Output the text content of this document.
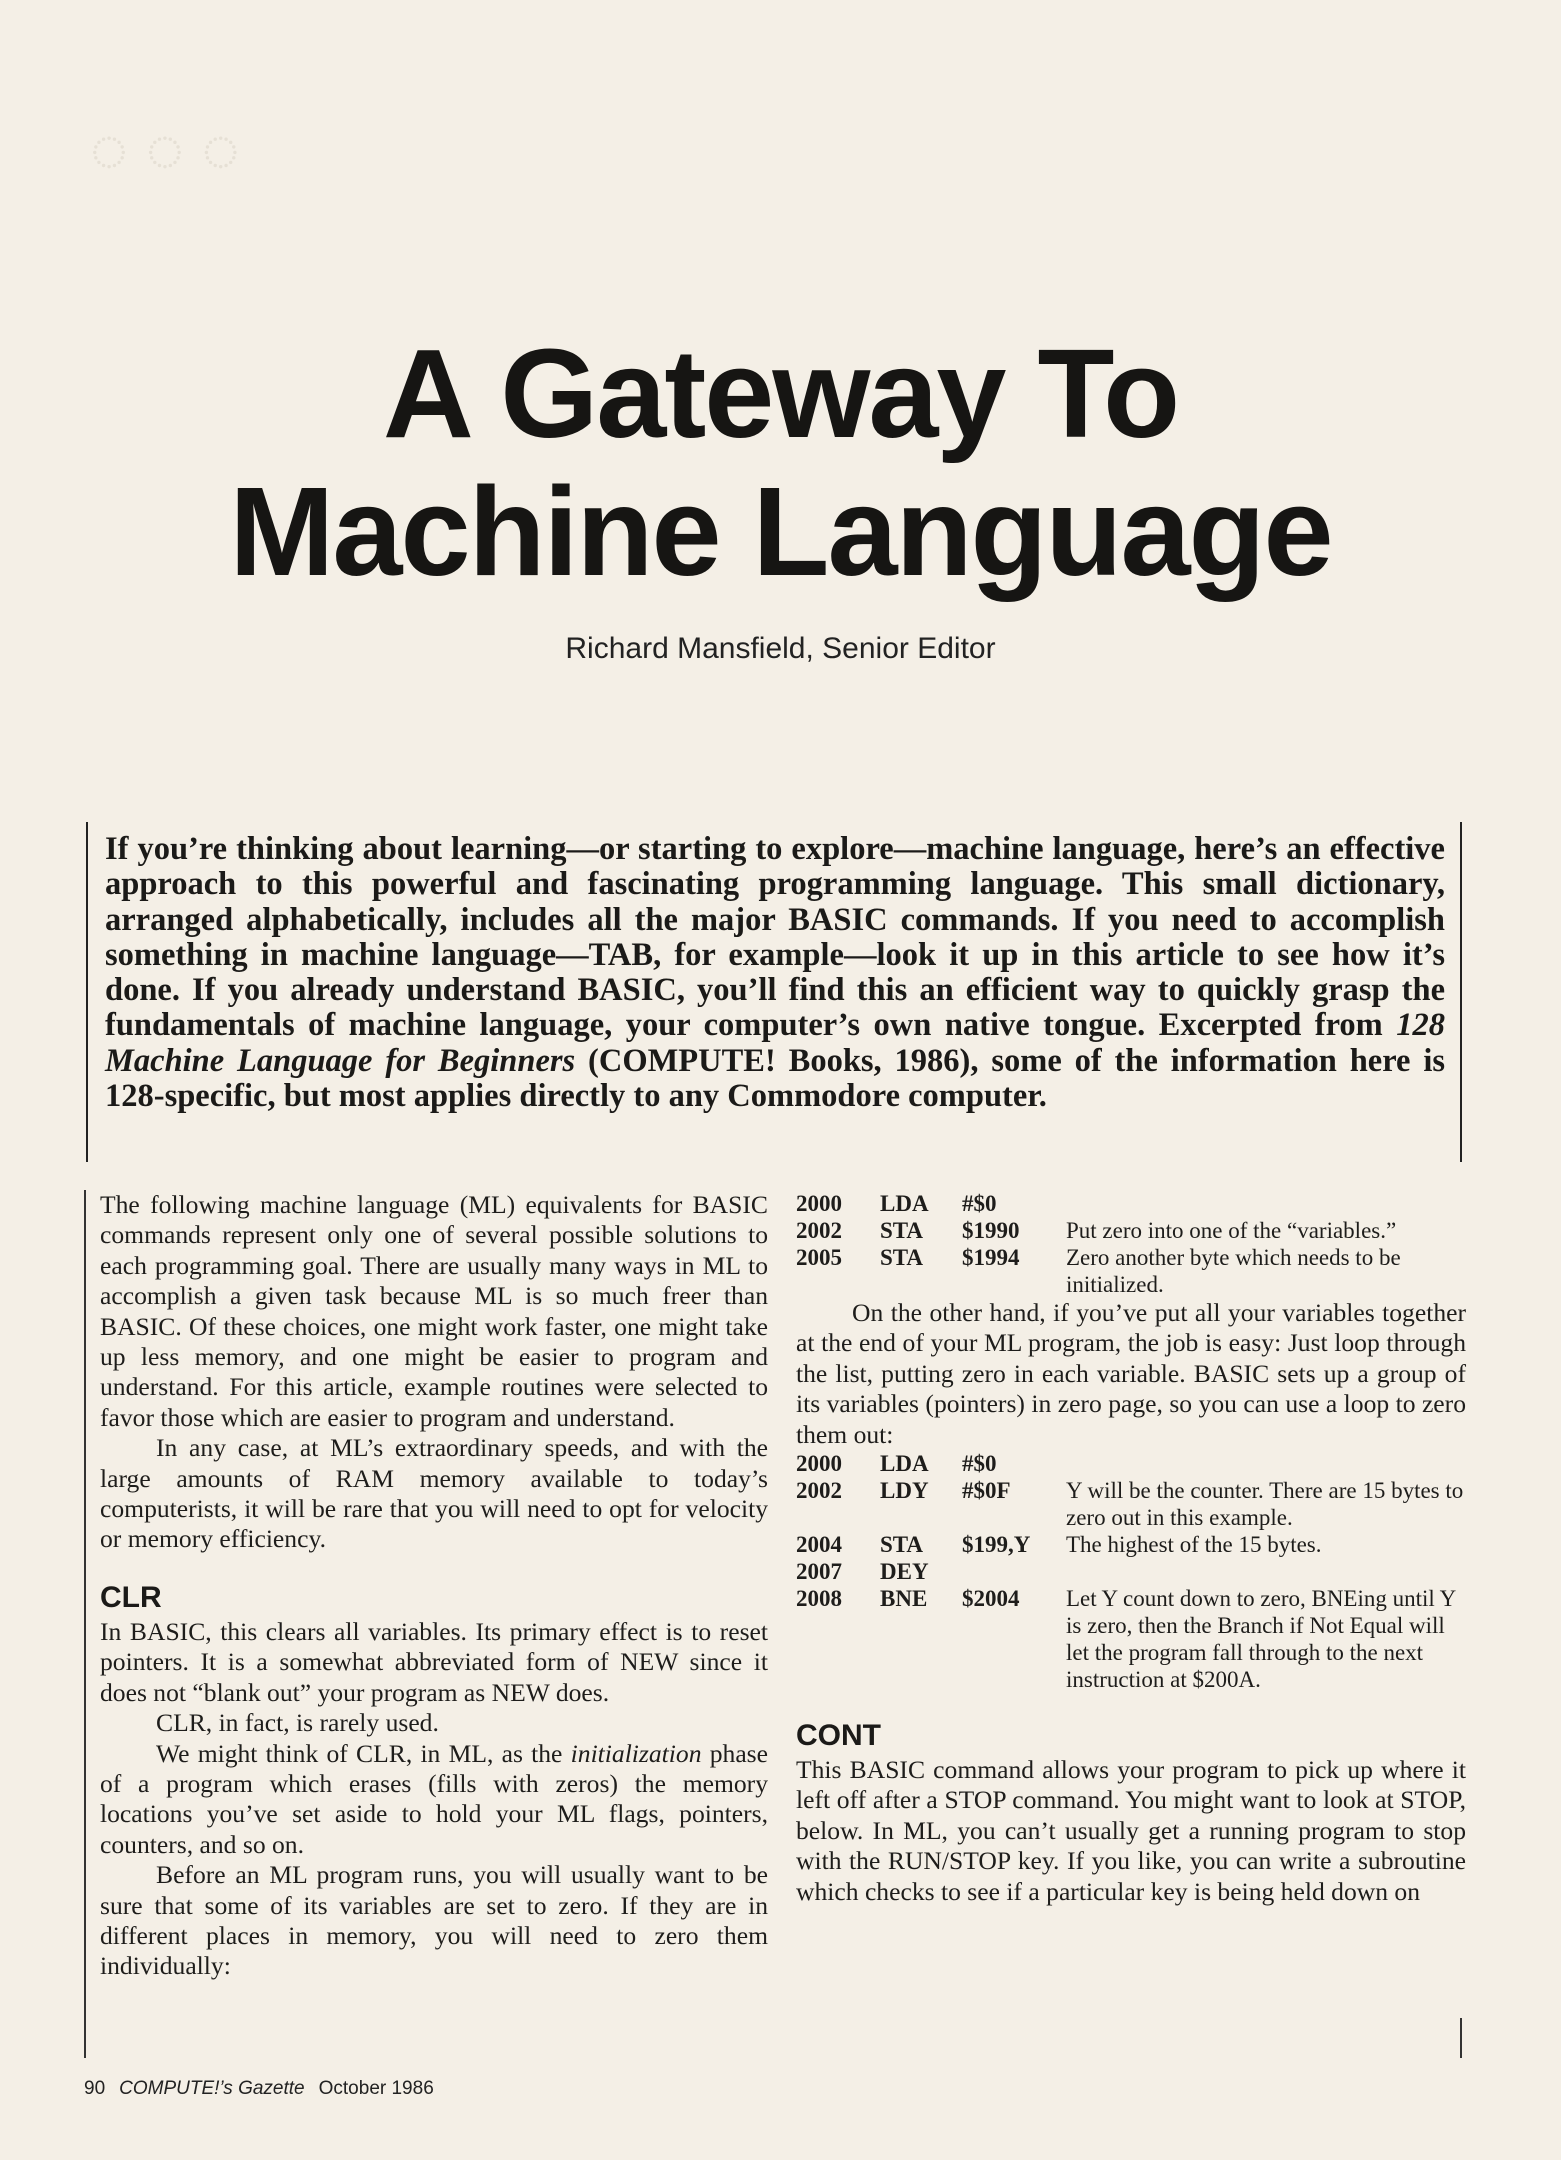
◌ ◌ ◌
A Gateway To
Machine Language
Richard Mansfield, Senior Editor
If you’re thinking about learning—or starting to explore—machine language, here’s an effective approach to this powerful and fascinating programming language. This small dictionary, arranged alphabetically, includes all the major BASIC commands. If you need to accomplish something in machine language—TAB, for example—look it up in this article to see how it’s done. If you already understand BASIC, you’ll find this an efficient way to quickly grasp the fundamentals of machine language, your computer’s own native tongue. Excerpted from 128 Machine Language for Beginners (COMPUTE! Books, 1986), some of the information here is 128-specific, but most applies directly to any Commodore computer.

The following machine language (ML) equivalents for BASIC commands represent only one of several possible solutions to each programming goal. There are usually many ways in ML to accomplish a given task because ML is so much freer than BASIC. Of these choices, one might work faster, one might take up less memory, and one might be easier to program and understand. For this article, example routines were selected to favor those which are easier to program and understand.

In any case, at ML’s extraordinary speeds, and with the large amounts of RAM memory available to today’s computerists, it will be rare that you will need to opt for velocity or memory efficiency.

CLR

In BASIC, this clears all variables. Its primary effect is to reset pointers. It is a somewhat abbreviated form of NEW since it does not “blank out” your program as NEW does.

CLR, in fact, is rarely used.

We might think of CLR, in ML, as the initialization phase of a program which erases (fills with zeros) the memory locations you’ve set aside to hold your ML flags, pointers, counters, and so on.

Before an ML program runs, you will usually want to be sure that some of its variables are set to zero. If they are in different places in memory, you will need to zero them individually:

2000	LDA	#$0	
2002	STA	$1990	Put zero into one of the “variables.”
2005	STA	$1994	Zero another byte which needs to be initialized.

On the other hand, if you’ve put all your variables together at the end of your ML program, the job is easy: Just loop through the list, putting zero in each variable. BASIC sets up a group of its variables (pointers) in zero page, so you can use a loop to zero them out:

2000	LDA	#$0	
2002	LDY	#$0F	Y will be the counter. There are 15 bytes to zero out in this example.
2004	STA	$199,Y	The highest of the 15 bytes.
2007	DEY		
2008	BNE	$2004	Let Y count down to zero, BNEing until Y is zero, then the Branch if Not Equal will let the program fall through to the next instruction at $200A.
CONT

This BASIC command allows your program to pick up where it left off after a STOP command. You might want to look at STOP, below. In ML, you can’t usually get a running program to stop with the RUN/STOP key. If you like, you can write a subroutine which checks to see if a particular key is being held down on

90 COMPUTE!’s Gazette October 1986
